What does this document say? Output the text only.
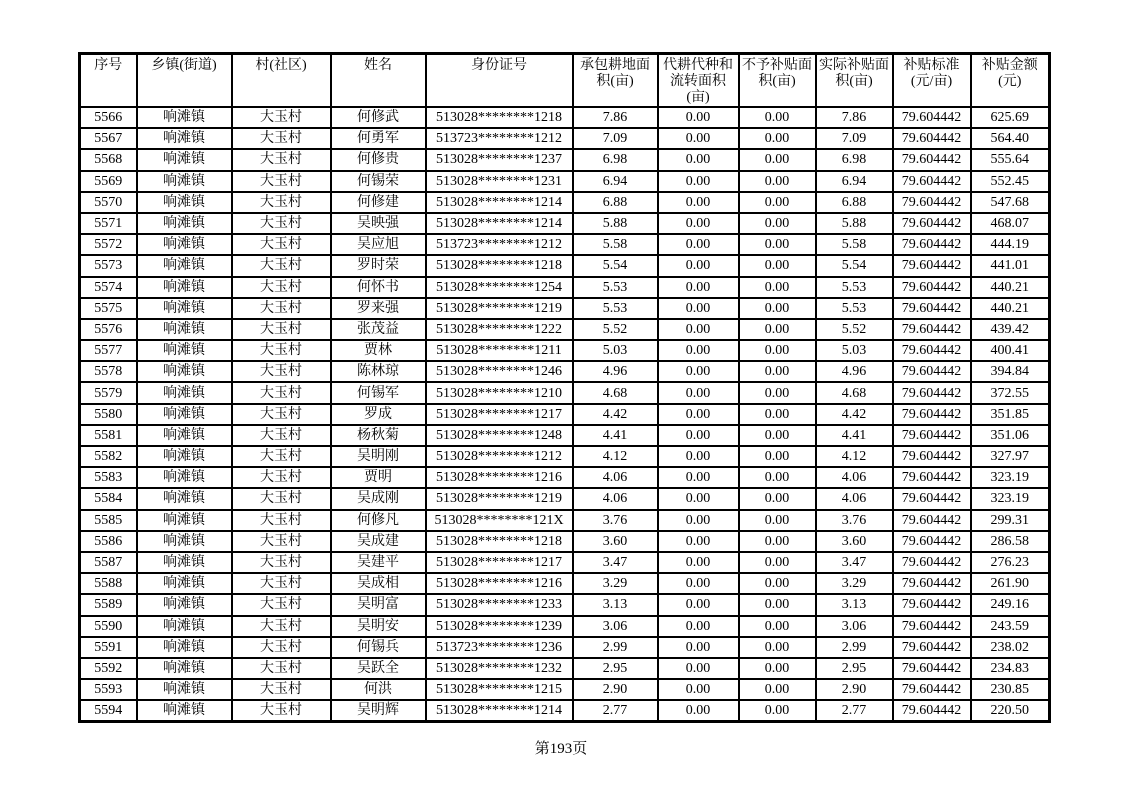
序号	乡镇(街道)	村(社区)	姓名	身份证号	承包耕地面积(亩)	代耕代种和流转面积(亩)	不予补贴面积(亩)	实际补贴面积(亩)	补贴标准(元/亩)	补贴金额(元)
5566	响滩镇	大玉村	何修武	513028********1218	7.86	0.00	0.00	7.86	79.604442	625.69
5567	响滩镇	大玉村	何勇军	513723********1212	7.09	0.00	0.00	7.09	79.604442	564.40
5568	响滩镇	大玉村	何修贵	513028********1237	6.98	0.00	0.00	6.98	79.604442	555.64
5569	响滩镇	大玉村	何锡荣	513028********1231	6.94	0.00	0.00	6.94	79.604442	552.45
5570	响滩镇	大玉村	何修建	513028********1214	6.88	0.00	0.00	6.88	79.604442	547.68
5571	响滩镇	大玉村	吴映强	513028********1214	5.88	0.00	0.00	5.88	79.604442	468.07
5572	响滩镇	大玉村	吴应旭	513723********1212	5.58	0.00	0.00	5.58	79.604442	444.19
5573	响滩镇	大玉村	罗时荣	513028********1218	5.54	0.00	0.00	5.54	79.604442	441.01
5574	响滩镇	大玉村	何怀书	513028********1254	5.53	0.00	0.00	5.53	79.604442	440.21
5575	响滩镇	大玉村	罗来强	513028********1219	5.53	0.00	0.00	5.53	79.604442	440.21
5576	响滩镇	大玉村	张茂益	513028********1222	5.52	0.00	0.00	5.52	79.604442	439.42
5577	响滩镇	大玉村	贾林	513028********1211	5.03	0.00	0.00	5.03	79.604442	400.41
5578	响滩镇	大玉村	陈林琼	513028********1246	4.96	0.00	0.00	4.96	79.604442	394.84
5579	响滩镇	大玉村	何锡军	513028********1210	4.68	0.00	0.00	4.68	79.604442	372.55
5580	响滩镇	大玉村	罗成	513028********1217	4.42	0.00	0.00	4.42	79.604442	351.85
5581	响滩镇	大玉村	杨秋菊	513028********1248	4.41	0.00	0.00	4.41	79.604442	351.06
5582	响滩镇	大玉村	吴明刚	513028********1212	4.12	0.00	0.00	4.12	79.604442	327.97
5583	响滩镇	大玉村	贾明	513028********1216	4.06	0.00	0.00	4.06	79.604442	323.19
5584	响滩镇	大玉村	吴成刚	513028********1219	4.06	0.00	0.00	4.06	79.604442	323.19
5585	响滩镇	大玉村	何修凡	513028********121X	3.76	0.00	0.00	3.76	79.604442	299.31
5586	响滩镇	大玉村	吴成建	513028********1218	3.60	0.00	0.00	3.60	79.604442	286.58
5587	响滩镇	大玉村	吴建平	513028********1217	3.47	0.00	0.00	3.47	79.604442	276.23
5588	响滩镇	大玉村	吴成相	513028********1216	3.29	0.00	0.00	3.29	79.604442	261.90
5589	响滩镇	大玉村	吴明富	513028********1233	3.13	0.00	0.00	3.13	79.604442	249.16
5590	响滩镇	大玉村	吴明安	513028********1239	3.06	0.00	0.00	3.06	79.604442	243.59
5591	响滩镇	大玉村	何锡兵	513723********1236	2.99	0.00	0.00	2.99	79.604442	238.02
5592	响滩镇	大玉村	吴跃全	513028********1232	2.95	0.00	0.00	2.95	79.604442	234.83
5593	响滩镇	大玉村	何洪	513028********1215	2.90	0.00	0.00	2.90	79.604442	230.85
5594	响滩镇	大玉村	吴明辉	513028********1214	2.77	0.00	0.00	2.77	79.604442	220.50
第193页
